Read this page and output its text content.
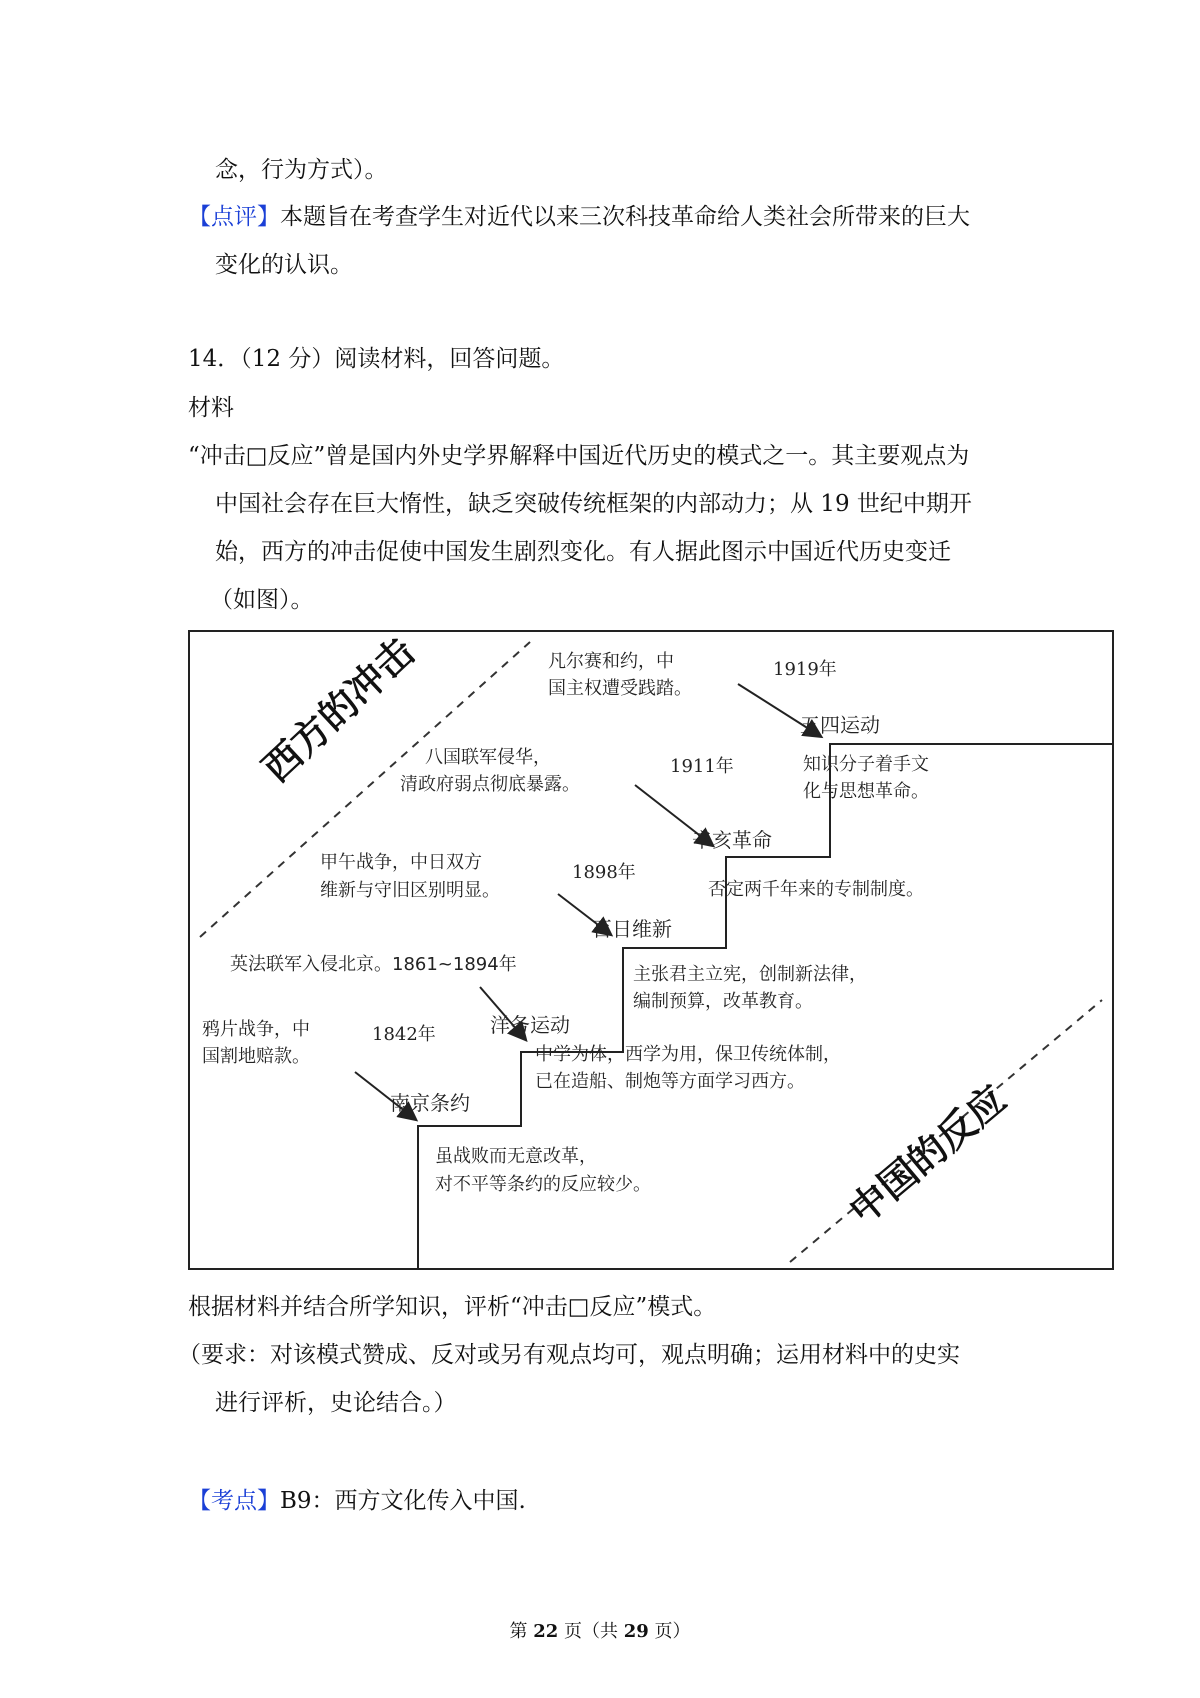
念，行为方式）。
【点评】本题旨在考查学生对近代以来三次科技革命给人类社会所带来的巨大
变化的认识。
14．（12 分）阅读材料，回答问题。
材料
“冲击□反应”曾是国内外史学界解释中国近代历史的模式之一。其主要观点为
中国社会存在巨大惰性，缺乏突破传统框架的内部动力；从 19 世纪中期开
始，西方的冲击促使中国发生剧烈变化。有人据此图示中国近代历史变迁
（如图）。
西方的冲击
中国的反应
鸦片战争，中
国割地赔款。
1842年
南京条约
虽战败而无意改革，
对不平等条约的反应较少。
英法联军入侵北京。1861~1894年
洋务运动
中学为体，西学为用，保卫传统体制，
已在造船、制炮等方面学习西方。
甲午战争，中日双方
维新与守旧区别明显。
1898年
百日维新
主张君主立宪，创制新法律，
编制预算，改革教育。
八国联军侵华，
清政府弱点彻底暴露。
1911年
辛亥革命
否定两千年来的专制制度。
凡尔赛和约，中
国主权遭受践踏。
1919年
五四运动
知识分子着手文
化与思想革命。
根据材料并结合所学知识，评析“冲击□反应”模式。
（要求：对该模式赞成、反对或另有观点均可，观点明确；运用材料中的史实
进行评析，史论结合。）
【考点】B9：西方文化传入中国.
第 22 页（共 29 页）
